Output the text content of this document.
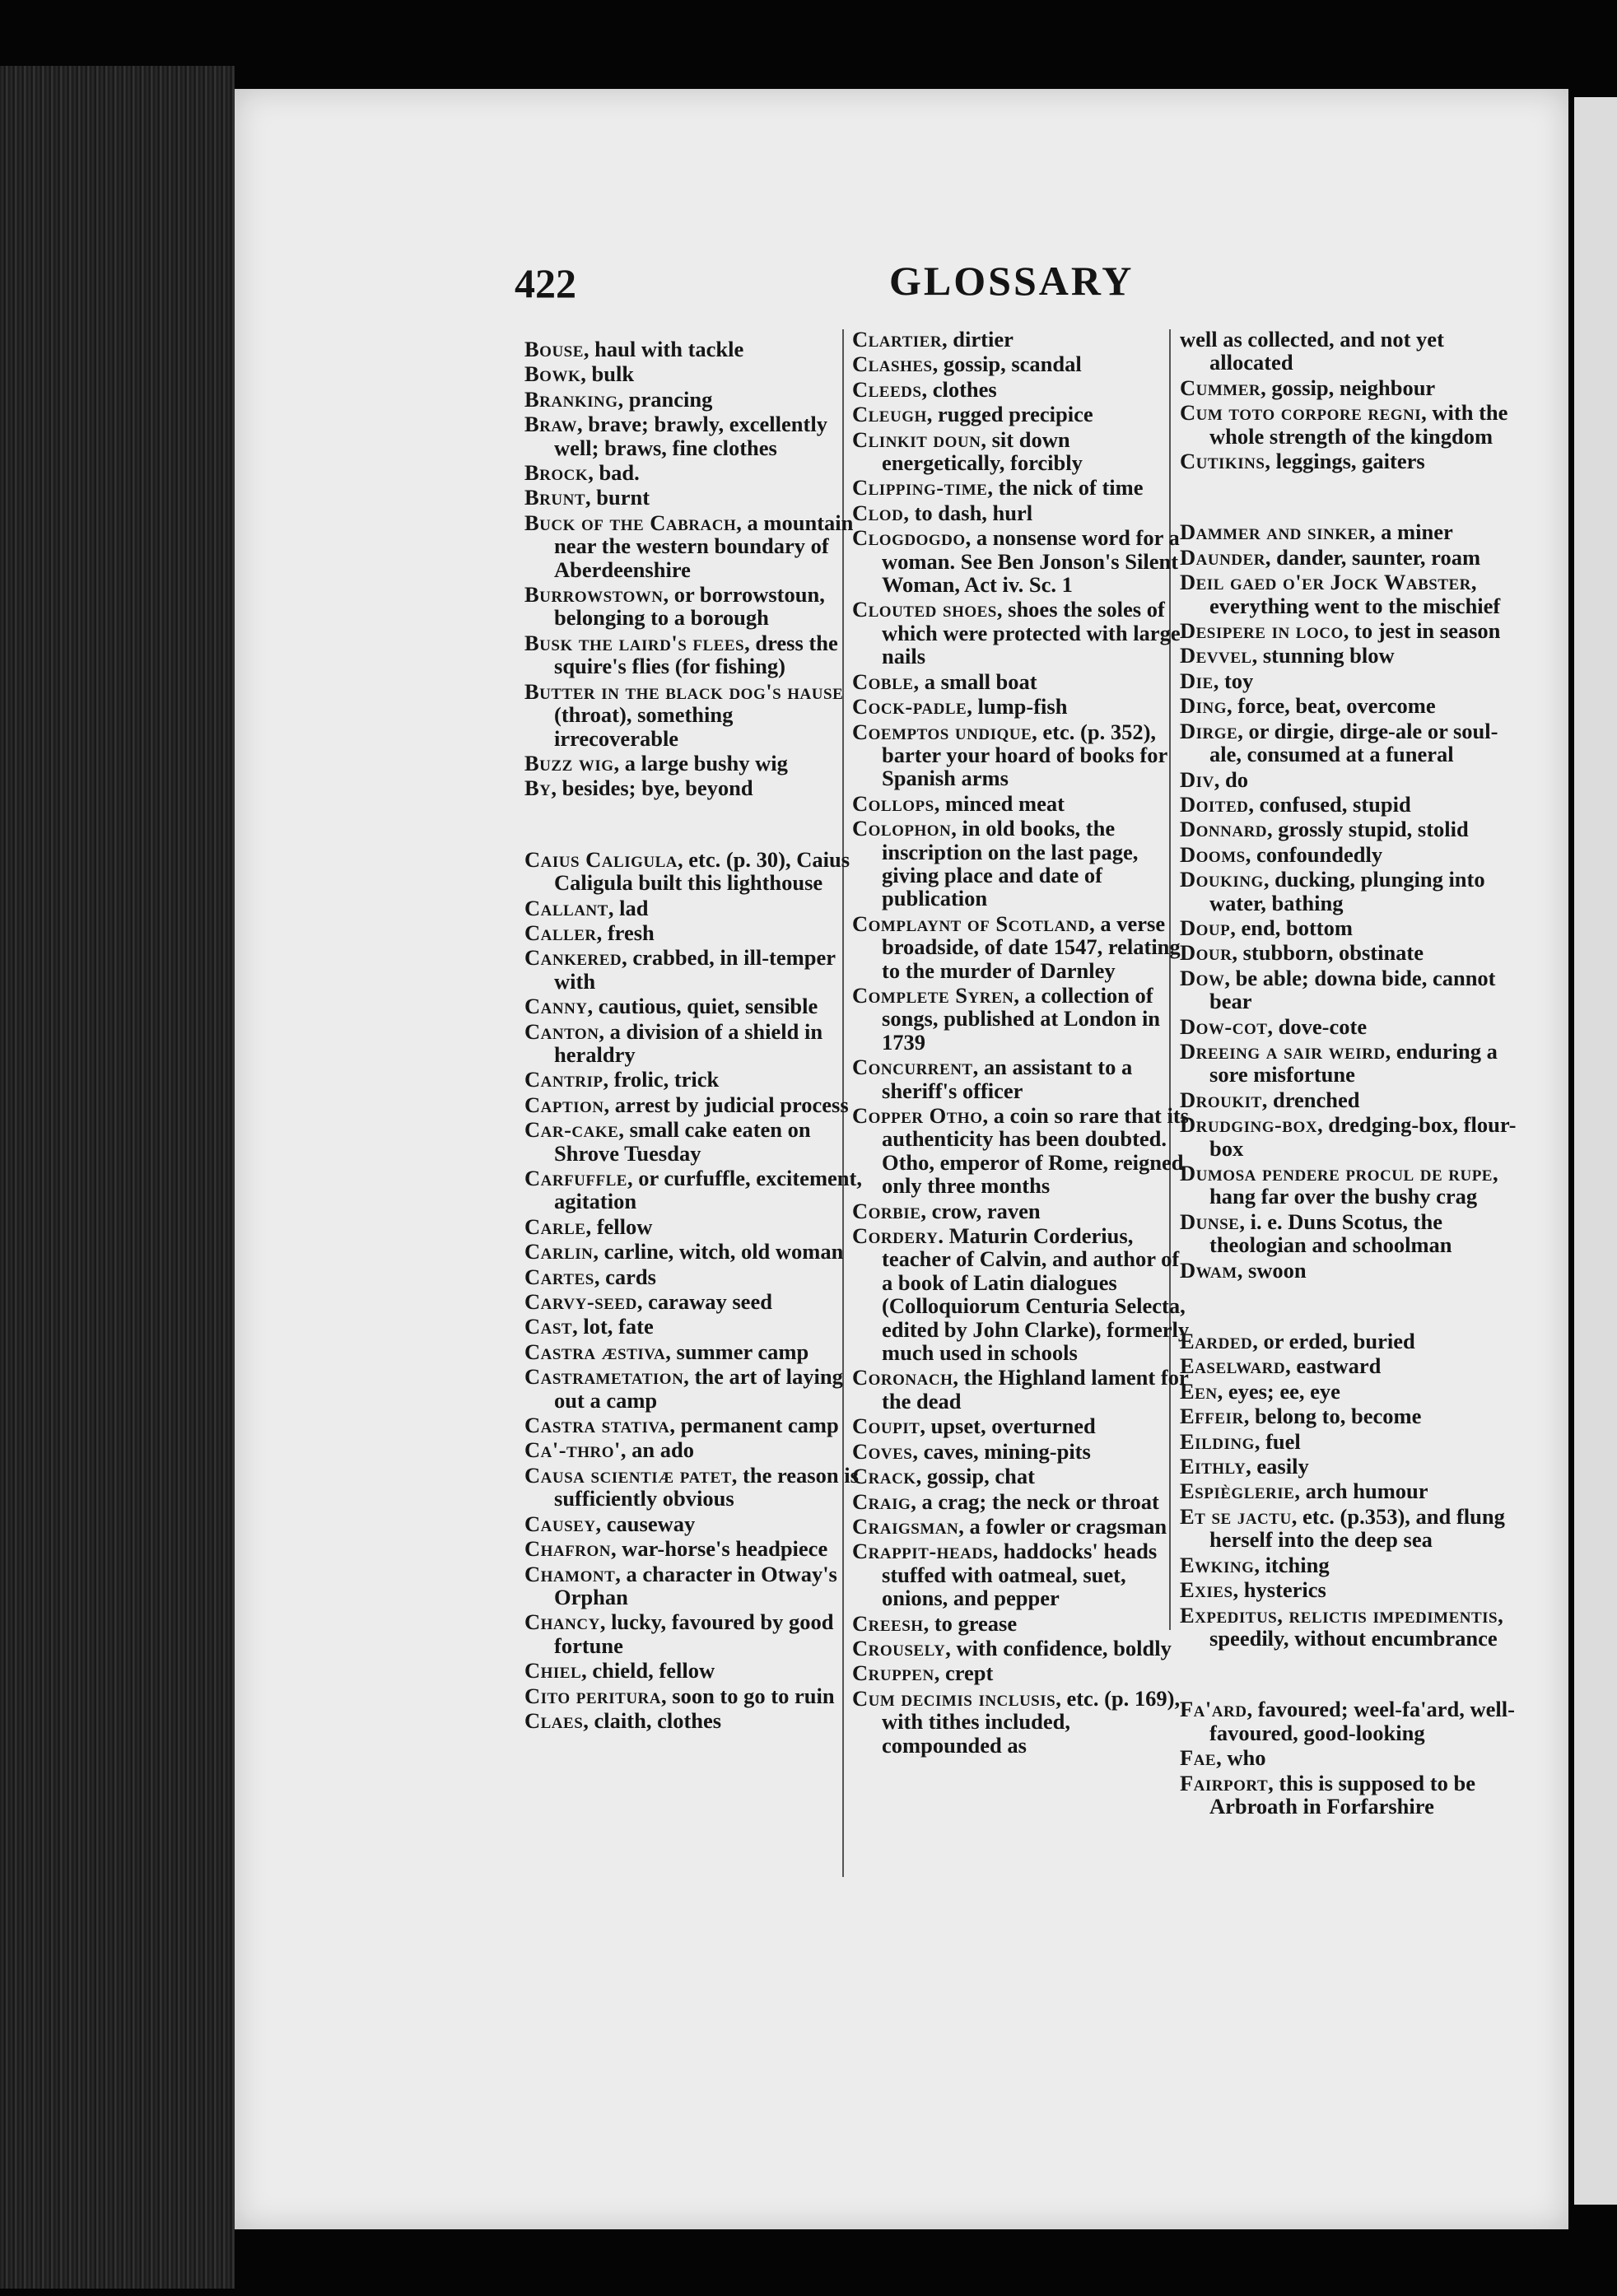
422	GLOSSARY
Bouse, haul with tackle
Bowk, bulk
Branking, prancing
Braw, brave; brawly, excellently well; braws, fine clothes
Brock, bad.
Brunt, burnt
Buck of the Cabrach, a mountain near the western boundary of Aberdeenshire
Burrowstown, or borrowstoun, belonging to a borough
Busk the laird's flees, dress the squire's flies (for fishing)
Butter in the black dog's hause (throat), something irrecoverable
Buzz wig, a large bushy wig
By, besides; bye, beyond
Caius Caligula, etc. (p. 30), Caius Caligula built this lighthouse
Callant, lad
Caller, fresh
Cankered, crabbed, in ill-temper with
Canny, cautious, quiet, sensible
Canton, a division of a shield in heraldry
Cantrip, frolic, trick
Caption, arrest by judicial process
Car-cake, small cake eaten on Shrove Tuesday
Carfuffle, or curfuffle, excitement, agitation
Carle, fellow
Carlin, carline, witch, old woman
Cartes, cards
Carvy-seed, caraway seed
Cast, lot, fate
Castra æstiva, summer camp
Castrametation, the art of laying out a camp
Castra stativa, permanent camp
Ca'-thro', an ado
Causa scientiæ patet, the reason is sufficiently obvious
Causey, causeway
Chafron, war-horse's headpiece
Chamont, a character in Otway's Orphan
Chancy, lucky, favoured by good fortune
Chiel, chield, fellow
Cito peritura, soon to go to ruin
Claes, claith, clothes
Clartier, dirtier
Clashes, gossip, scandal
Cleeds, clothes
Cleugh, rugged precipice
Clinkit doun, sit down energetically, forcibly
Clipping-time, the nick of time
Clod, to dash, hurl
Clogdogdo, a nonsense word for a woman. See Ben Jonson's Silent Woman, Act iv. Sc. 1
Clouted shoes, shoes the soles of which were protected with large nails
Coble, a small boat
Cock-padle, lump-fish
Coemptos undique, etc. (p. 352), barter your hoard of books for Spanish arms
Collops, minced meat
Colophon, in old books, the inscription on the last page, giving place and date of publication
Complaynt of Scotland, a verse broadside, of date 1547, relating to the murder of Darnley
Complete Syren, a collection of songs, published at London in 1739
Concurrent, an assistant to a sheriff's officer
Copper Otho, a coin so rare that its authenticity has been doubted. Otho, emperor of Rome, reigned only three months
Corbie, crow, raven
Cordery. Maturin Corderius, teacher of Calvin, and author of a book of Latin dialogues (Colloquiorum Centuria Selecta, edited by John Clarke), formerly much used in schools
Coronach, the Highland lament for the dead
Coupit, upset, overturned
Coves, caves, mining-pits
Crack, gossip, chat
Craig, a crag; the neck or throat
Craigsman, a fowler or cragsman
Crappit-heads, haddocks' heads stuffed with oatmeal, suet, onions, and pepper
Creesh, to grease
Crousely, with confidence, boldly
Cruppen, crept
Cum decimis inclusis, etc. (p. 169), with tithes included, compounded as
well as collected, and not yet allocated
Cummer, gossip, neighbour
Cum toto corpore regni, with the whole strength of the kingdom
Cutikins, leggings, gaiters
Dammer and sinker, a miner
Daunder, dander, saunter, roam
Deil gaed o'er Jock Wabster, everything went to the mischief
Desipere in loco, to jest in season
Devvel, stunning blow
Die, toy
Ding, force, beat, overcome
Dirge, or dirgie, dirge-ale or soul-ale, consumed at a funeral
Div, do
Doited, confused, stupid
Donnard, grossly stupid, stolid
Dooms, confoundedly
Douking, ducking, plunging into water, bathing
Doup, end, bottom
Dour, stubborn, obstinate
Dow, be able; downa bide, cannot bear
Dow-cot, dove-cote
Dreeing a sair weird, enduring a sore misfortune
Droukit, drenched
Drudging-box, dredging-box, flour-box
Dumosa pendere procul de rupe, hang far over the bushy crag
Dunse, i. e. Duns Scotus, the theologian and schoolman
Dwam, swoon
Earded, or erded, buried
Easelward, eastward
Een, eyes; ee, eye
Effeir, belong to, become
Eilding, fuel
Eithly, easily
Espièglerie, arch humour
Et se jactu, etc. (p.353), and flung herself into the deep sea
Ewking, itching
Exies, hysterics
Expeditus, relictis impedimentis, speedily, without encumbrance
Fa'ard, favoured; weel-fa'ard, well-favoured, good-looking
Fae, who
Fairport, this is supposed to be Arbroath in Forfarshire
